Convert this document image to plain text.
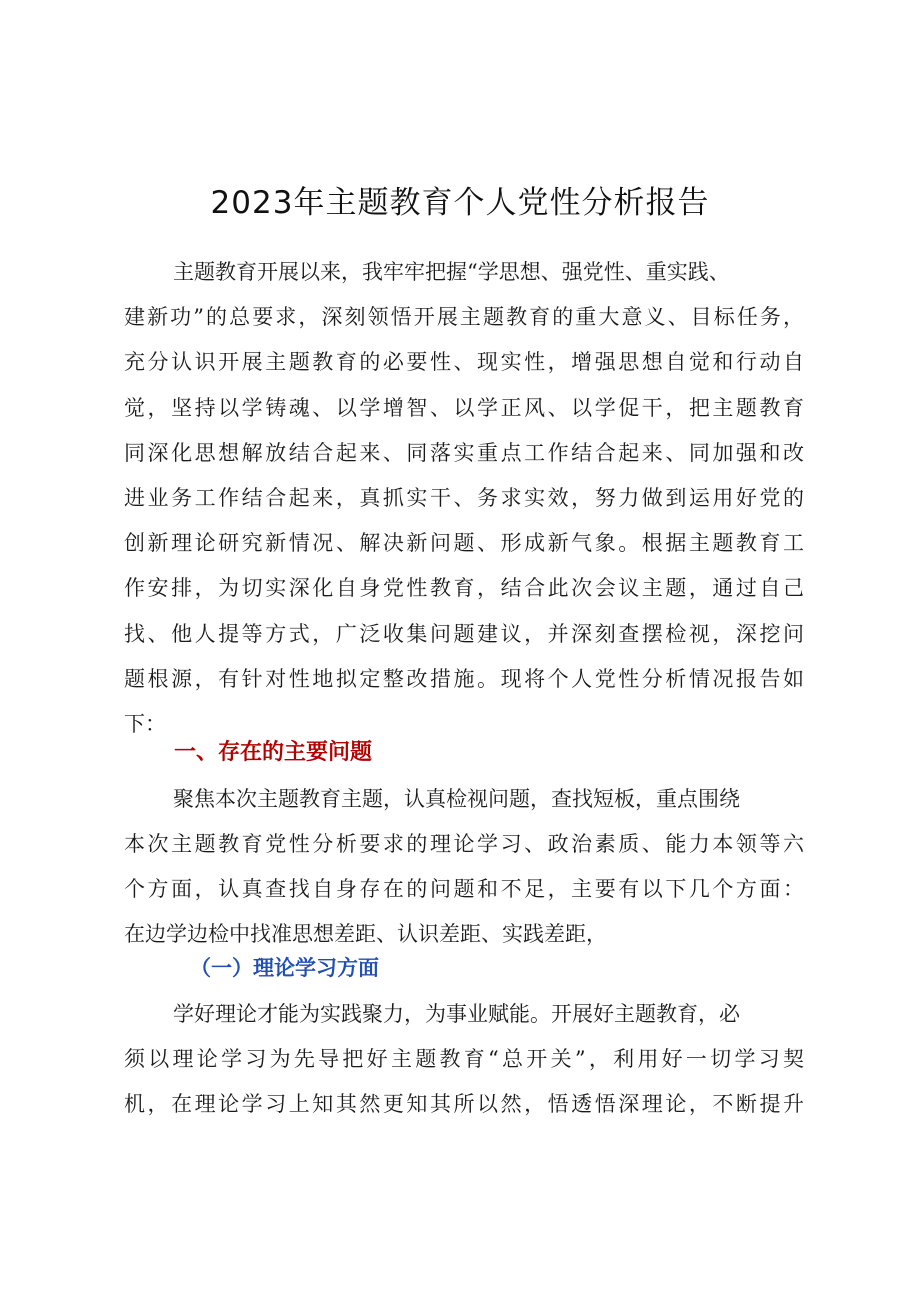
2023年主题教育个人党性分析报告

主题教育开展以来，我牢牢把握“学思想、强党性、重实践、

建新功”的总要求，深刻领悟开展主题教育的重大意义、目标任务，

充分认识开展主题教育的必要性、现实性，增强思想自觉和行动自

觉，坚持以学铸魂、以学增智、以学正风、以学促干，把主题教育

同深化思想解放结合起来、同落实重点工作结合起来、同加强和改

进业务工作结合起来，真抓实干、务求实效，努力做到运用好党的

创新理论研究新情况、解决新问题、形成新气象。根据主题教育工

作安排，为切实深化自身党性教育，结合此次会议主题，通过自己

找、他人提等方式，广泛收集问题建议，并深刻查摆检视，深挖问

题根源，有针对性地拟定整改措施。现将个人党性分析情况报告如

下：

一、存在的主要问题

聚焦本次主题教育主题，认真检视问题，查找短板，重点围绕

本次主题教育党性分析要求的理论学习、政治素质、能力本领等六

个方面，认真查找自身存在的问题和不足，主要有以下几个方面：

在边学边检中找准思想差距、认识差距、实践差距，

（一）理论学习方面

学好理论才能为实践聚力，为事业赋能。开展好主题教育，必

须以理论学习为先导把好主题教育“总开关”，利用好一切学习契

机，在理论学习上知其然更知其所以然，悟透悟深理论，不断提升
